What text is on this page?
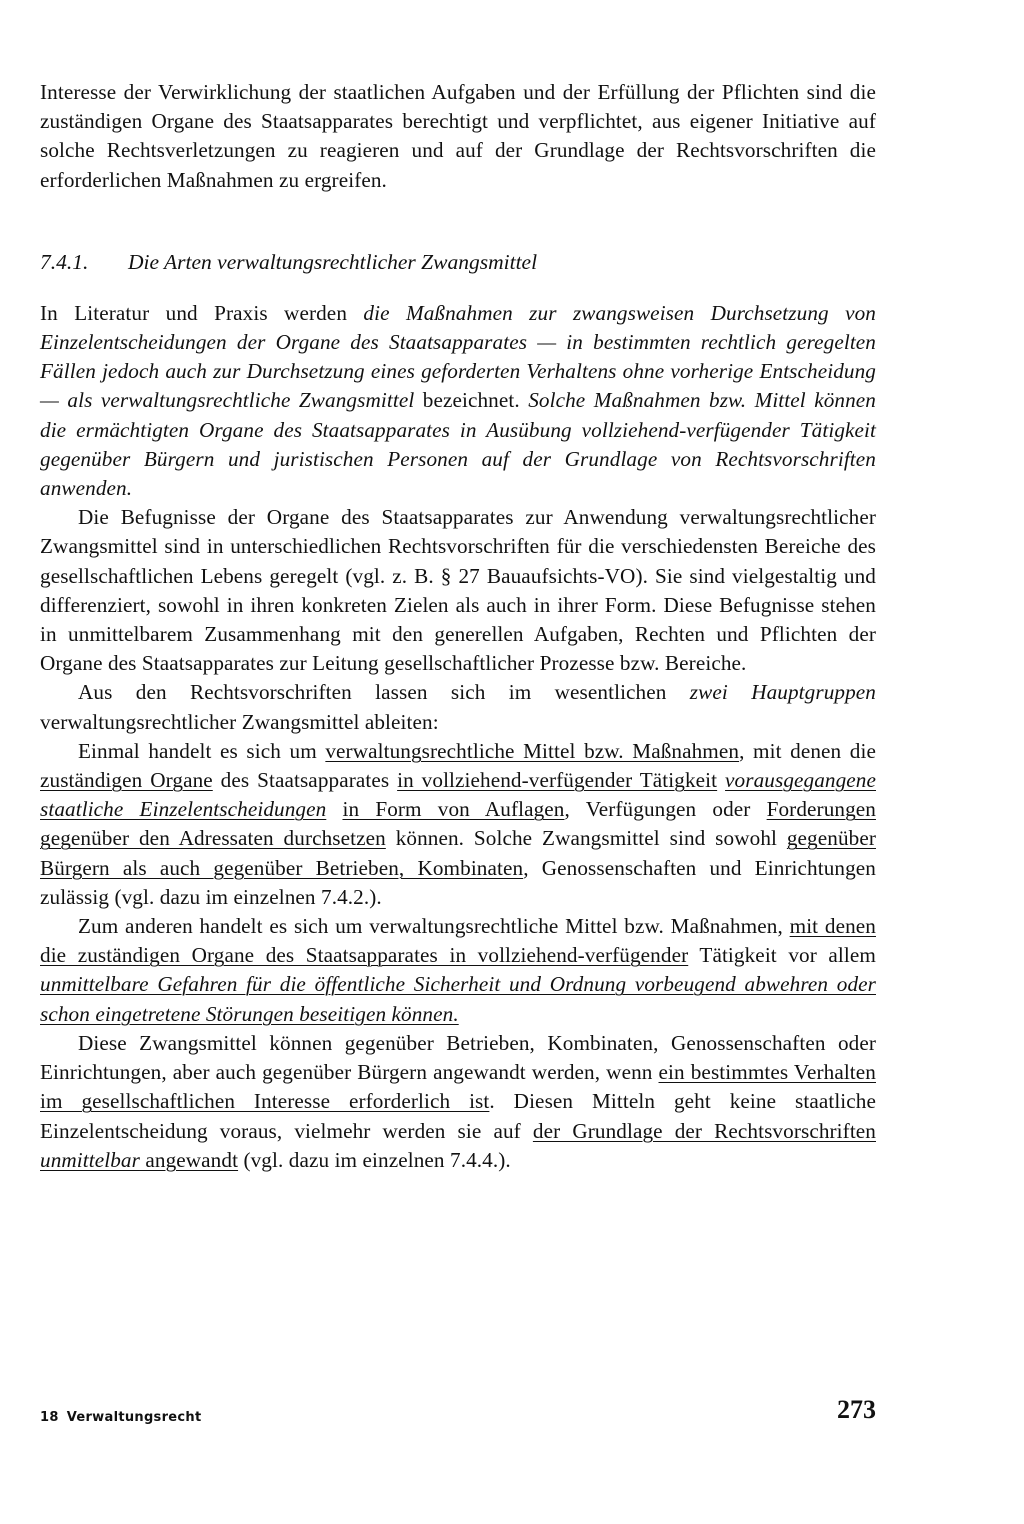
Interesse der Verwirklichung der staatlichen Aufgaben und der Erfüllung der Pflichten sind die zuständigen Organe des Staatsapparates berechtigt und verpflichtet, aus eigener Initiative auf solche Rechtsverletzungen zu reagieren und auf der Grundlage der Rechtsvorschriften die erforderlichen Maßnahmen zu ergreifen.

7.4.1.	Die Arten verwaltungsrechtlicher Zwangsmittel

In Literatur und Praxis werden die Maßnahmen zur zwangsweisen Durchsetzung von Einzelentscheidungen der Organe des Staatsapparates — in bestimmten rechtlich geregelten Fällen jedoch auch zur Durchsetzung eines geforderten Verhaltens ohne vorherige Entscheidung — als verwaltungsrechtliche Zwangsmittel bezeichnet. Solche Maßnahmen bzw. Mittel können die ermächtigten Organe des Staatsapparates in Ausübung vollziehend-verfügender Tätigkeit gegenüber Bürgern und juristischen Personen auf der Grundlage von Rechtsvorschriften anwenden.

Die Befugnisse der Organe des Staatsapparates zur Anwendung verwaltungsrechtlicher Zwangsmittel sind in unterschiedlichen Rechtsvorschriften für die verschiedensten Bereiche des gesellschaftlichen Lebens geregelt (vgl. z. B. § 27 Bauaufsichts-VO). Sie sind vielgestaltig und differenziert, sowohl in ihren konkreten Zielen als auch in ihrer Form. Diese Befugnisse stehen in unmittelbarem Zusammenhang mit den generellen Aufgaben, Rechten und Pflichten der Organe des Staatsapparates zur Leitung gesellschaftlicher Prozesse bzw. Bereiche.

Aus den Rechtsvorschriften lassen sich im wesentlichen zwei Hauptgruppen verwaltungsrechtlicher Zwangsmittel ableiten:

Einmal handelt es sich um verwaltungsrechtliche Mittel bzw. Maßnahmen, mit denen die zuständigen Organe des Staatsapparates in vollziehend-verfügender Tätigkeit vorausgegangene staatliche Einzelentscheidungen in Form von Auflagen, Verfügungen oder Forderungen gegenüber den Adressaten durchsetzen können. Solche Zwangsmittel sind sowohl gegenüber Bürgern als auch gegenüber Betrieben, Kombinaten, Genossenschaften und Einrichtungen zulässig (vgl. dazu im einzelnen 7.4.2.).

Zum anderen handelt es sich um verwaltungsrechtliche Mittel bzw. Maßnahmen, mit denen die zuständigen Organe des Staatsapparates in vollziehend-verfügender Tätigkeit vor allem unmittelbare Gefahren für die öffentliche Sicherheit und Ordnung vorbeugend abwehren oder schon eingetretene Störungen beseitigen können.

Diese Zwangsmittel können gegenüber Betrieben, Kombinaten, Genossenschaften oder Einrichtungen, aber auch gegenüber Bürgern angewandt werden, wenn ein bestimmtes Verhalten im gesellschaftlichen Interesse erforderlich ist. Diesen Mitteln geht keine staatliche Einzelentscheidung voraus, vielmehr werden sie auf der Grundlage der Rechtsvorschriften unmittelbar angewandt (vgl. dazu im einzelnen 7.4.4.).

18 Verwaltungsrecht	273
